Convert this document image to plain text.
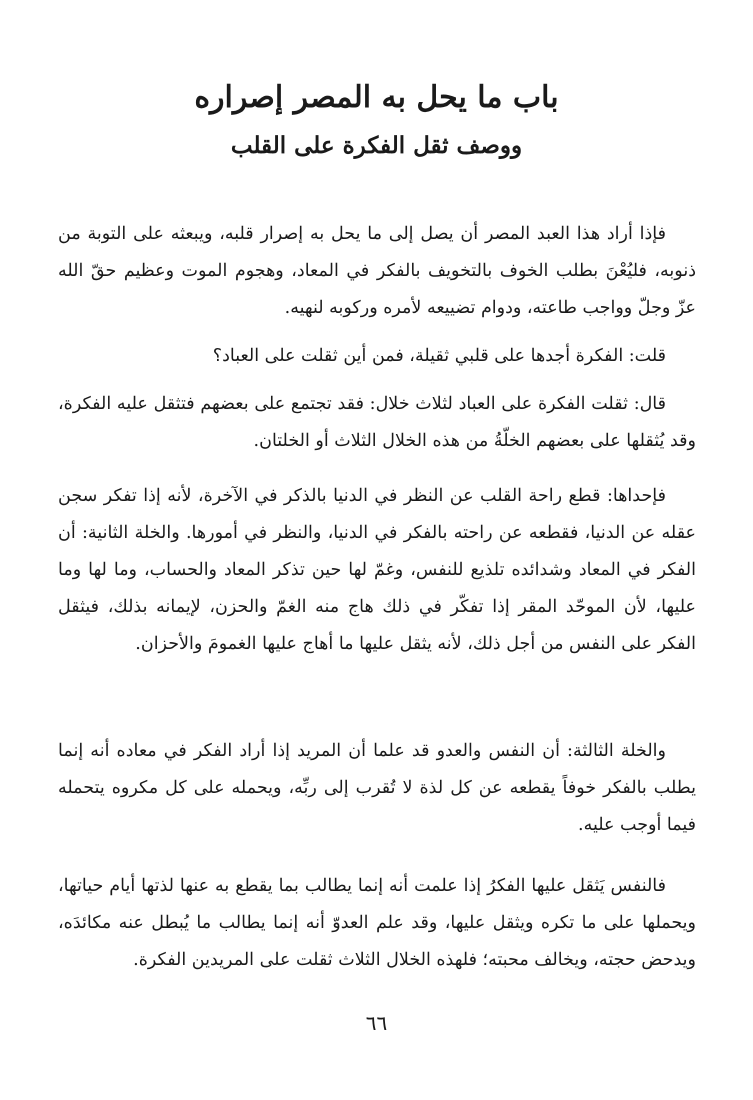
باب ما يحل به المصر إصراره
ووصف ثقل الفكرة على القلب

فإذا أراد هذا العبد المصر أن يصل إلى ما يحل به إصرار قلبه، ويبعثه على التوبة من ذنوبه، فليُعْنَ بطلب الخوف بالتخويف بالفكر في المعاد، وهجوم الموت وعظيم حقّ الله عزّ وجلّ وواجب طاعته، ودوام تضييعه لأمره وركوبه لنهيه.

قلت: الفكرة أجدها على قلبي ثقيلة، فمن أين ثقلت على العباد؟

قال: ثقلت الفكرة على العباد لثلاث خلال: فقد تجتمع على بعضهم فتثقل عليه الفكرة، وقد يُثقلها على بعضهم الخلّةُ من هذه الخلال الثلاث أو الخلتان.

فإحداها: قطع راحة القلب عن النظر في الدنيا بالذكر في الآخرة، لأنه إذا تفكر سجن عقله عن الدنيا، فقطعه عن راحته بالفكر في الدنيا، والنظر في أمورها. والخلة الثانية: أن الفكر في المعاد وشدائده تلذيع للنفس، وغمّ لها حين تذكر المعاد والحساب، وما لها وما عليها، لأن الموحّد المقر إذا تفكّر في ذلك هاج منه الغمّ والحزن، لإيمانه بذلك، فيثقل الفكر على النفس من أجل ذلك، لأنه يثقل عليها ما أهاج عليها الغمومَ والأحزان.

والخلة الثالثة: أن النفس والعدو قد علما أن المريد إذا أراد الفكر في معاده أنه إنما يطلب بالفكر خوفاً يقطعه عن كل لذة لا تُقرب إلى ربِّه، ويحمله على كل مكروه يتحمله فيما أوجب عليه.

فالنفس يَثقل عليها الفكرُ إذا علمت أنه إنما يطالب بما يقطع به عنها لذتها أيام حياتها، ويحملها على ما تكره ويثقل عليها، وقد علم العدوّ أنه إنما يطالب ما يُبطل عنه مكائدَه، ويدحض حجته، ويخالف محبته؛ فلهذه الخلال الثلاث ثقلت على المريدين الفكرة.

٦٦
